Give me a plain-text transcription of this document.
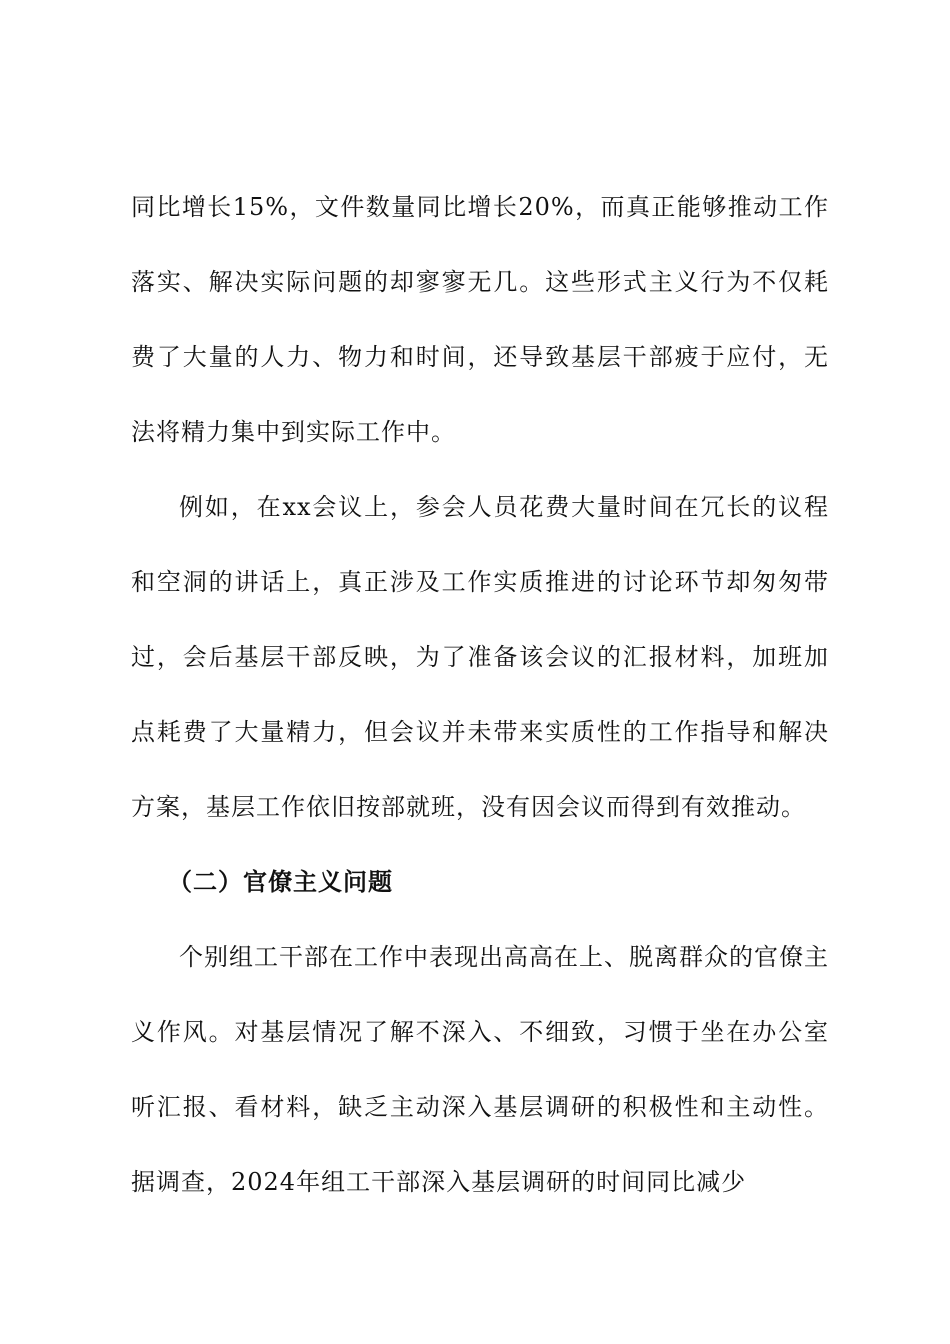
同比增长15%，文件数量同比增长20%，而真正能够推动工作落实、解决实际问题的却寥寥无几。这些形式主义行为不仅耗费了大量的人力、物力和时间，还导致基层干部疲于应付，无法将精力集中到实际工作中。

例如，在xx会议上，参会人员花费大量时间在冗长的议程和空洞的讲话上，真正涉及工作实质推进的讨论环节却匆匆带过，会后基层干部反映，为了准备该会议的汇报材料，加班加点耗费了大量精力，但会议并未带来实质性的工作指导和解决方案，基层工作依旧按部就班，没有因会议而得到有效推动。

（二）官僚主义问题

个别组工干部在工作中表现出高高在上、脱离群众的官僚主义作风。对基层情况了解不深入、不细致，习惯于坐在办公室听汇报、看材料，缺乏主动深入基层调研的积极性和主动性。据调查，2024年组工干部深入基层调研的时间同比减少
